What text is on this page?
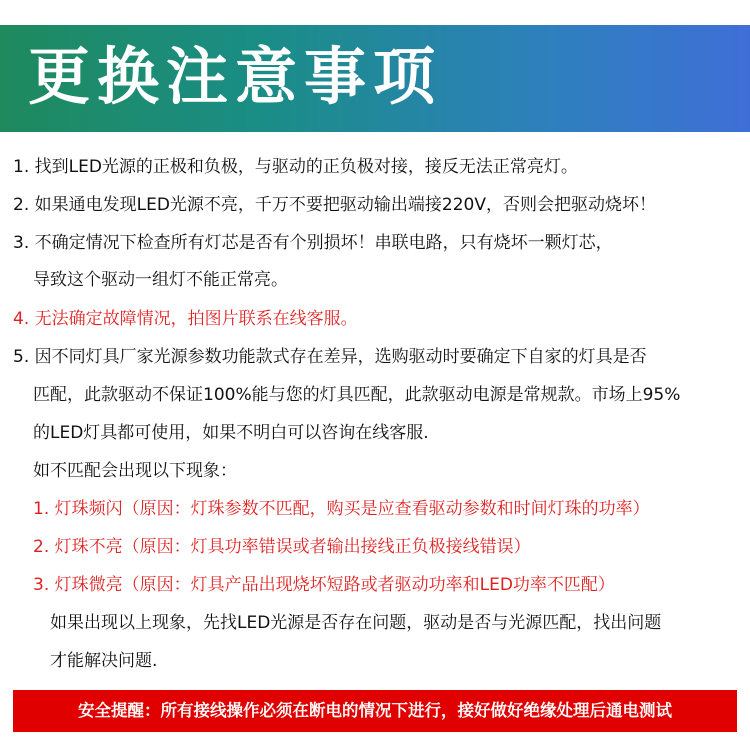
更换注意事项

1. 找到LED光源的正极和负极，与驱动的正负极对接，接反无法正常亮灯。

2. 如果通电发现LED光源不亮，千万不要把驱动输出端接220V，否则会把驱动烧坏！

3. 不确定情况下检查所有灯芯是否有个别损坏！串联电路，只有烧坏一颗灯芯，

导致这个驱动一组灯不能正常亮。

4. 无法确定故障情况，拍图片联系在线客服。

5. 因不同灯具厂家光源参数功能款式存在差异，选购驱动时要确定下自家的灯具是否

匹配，此款驱动不保证100%能与您的灯具匹配，此款驱动电源是常规款。市场上95%

的LED灯具都可使用，如果不明白可以咨询在线客服.

如不匹配会出现以下现象：

1. 灯珠频闪（原因：灯珠参数不匹配，购买是应查看驱动参数和时间灯珠的功率）

2. 灯珠不亮（原因：灯具功率错误或者输出接线正负极接线错误）

3. 灯珠微亮（原因：灯具产品出现烧坏短路或者驱动功率和LED功率不匹配）

如果出现以上现象，先找LED光源是否存在问题，驱动是否与光源匹配，找出问题

才能解决问题.

安全提醒：所有接线操作必须在断电的情况下进行，接好做好绝缘处理后通电测试
